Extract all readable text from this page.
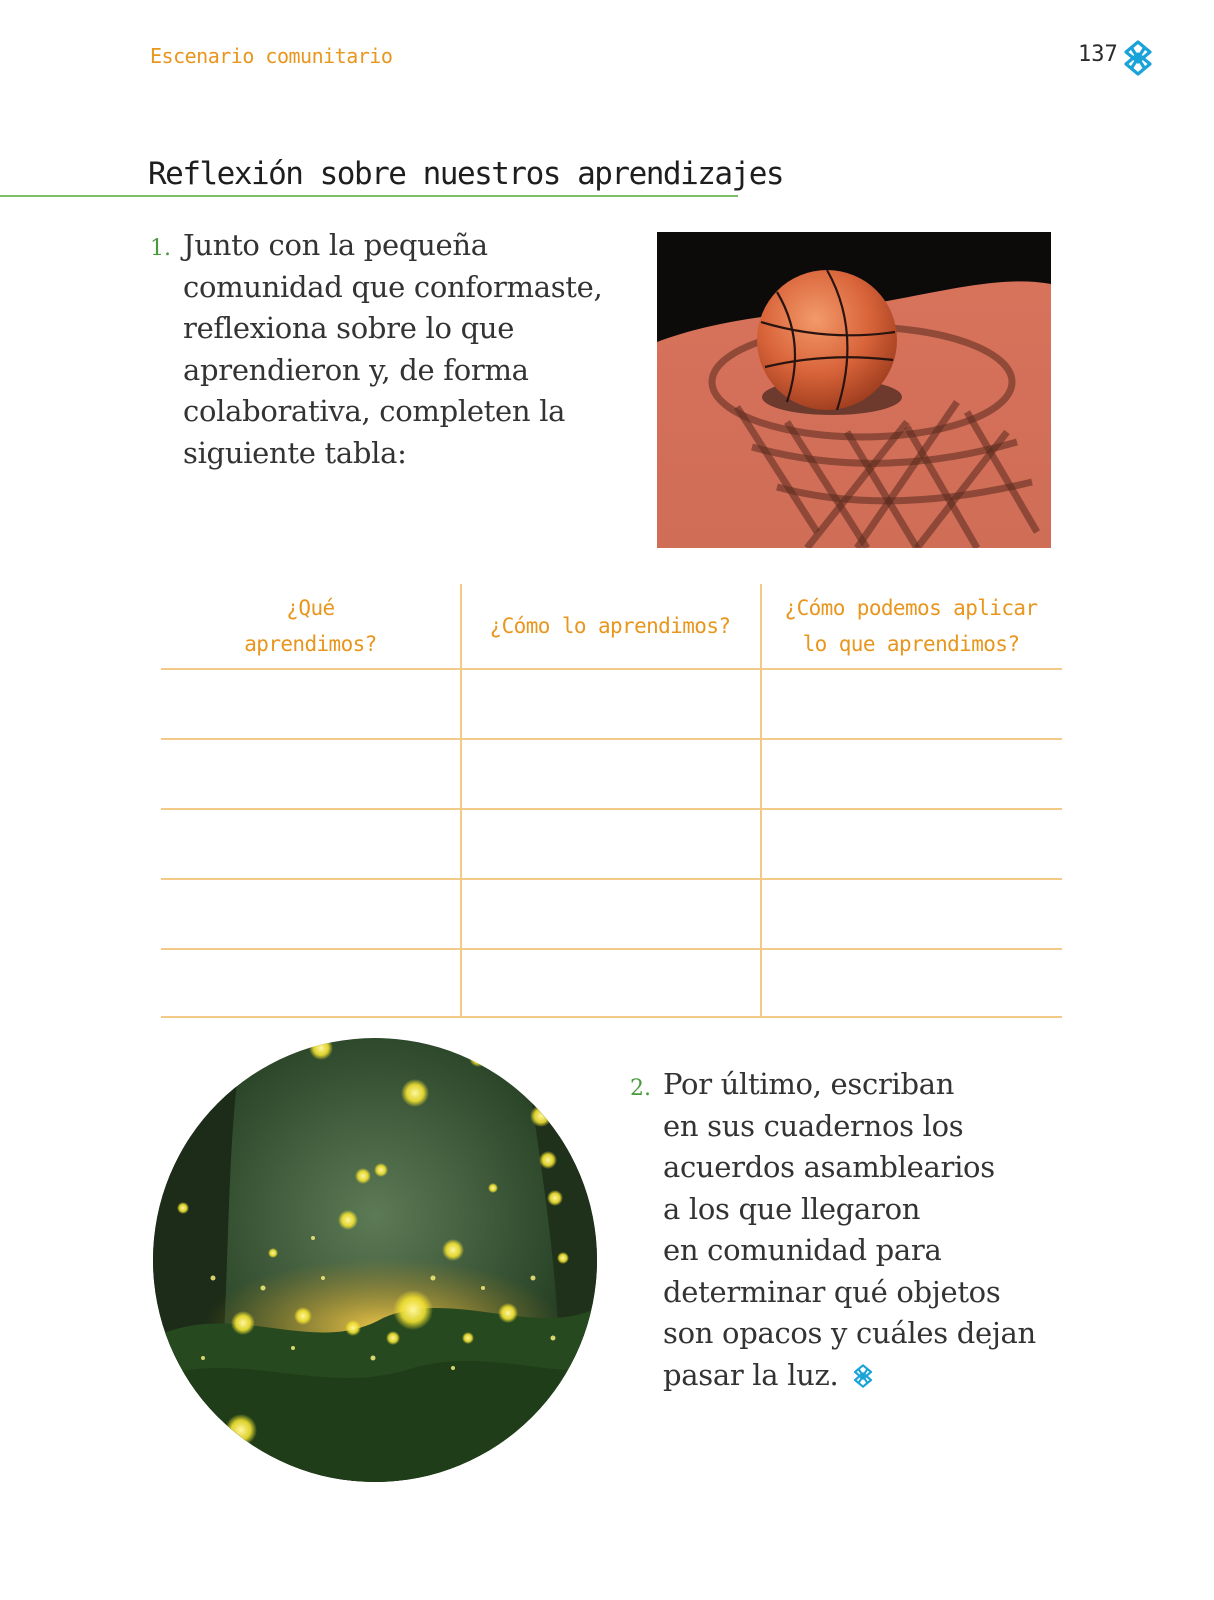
Escenario comunitario	137
Reflexión sobre nuestros aprendizajes
1. Junto con la pequeña
comunidad que conformaste,
reflexiona sobre lo que
aprendieron y, de forma
colaborativa, completen la
siguiente tabla:
¿Qué
aprendimos?
¿Cómo lo aprendimos?
¿Cómo podemos aplicar
lo que aprendimos?
2. Por último, escriban
en sus cuadernos los
acuerdos asamblearios
a los que llegaron
en comunidad para
determinar qué objetos
son opacos y cuáles dejan
pasar la luz.
